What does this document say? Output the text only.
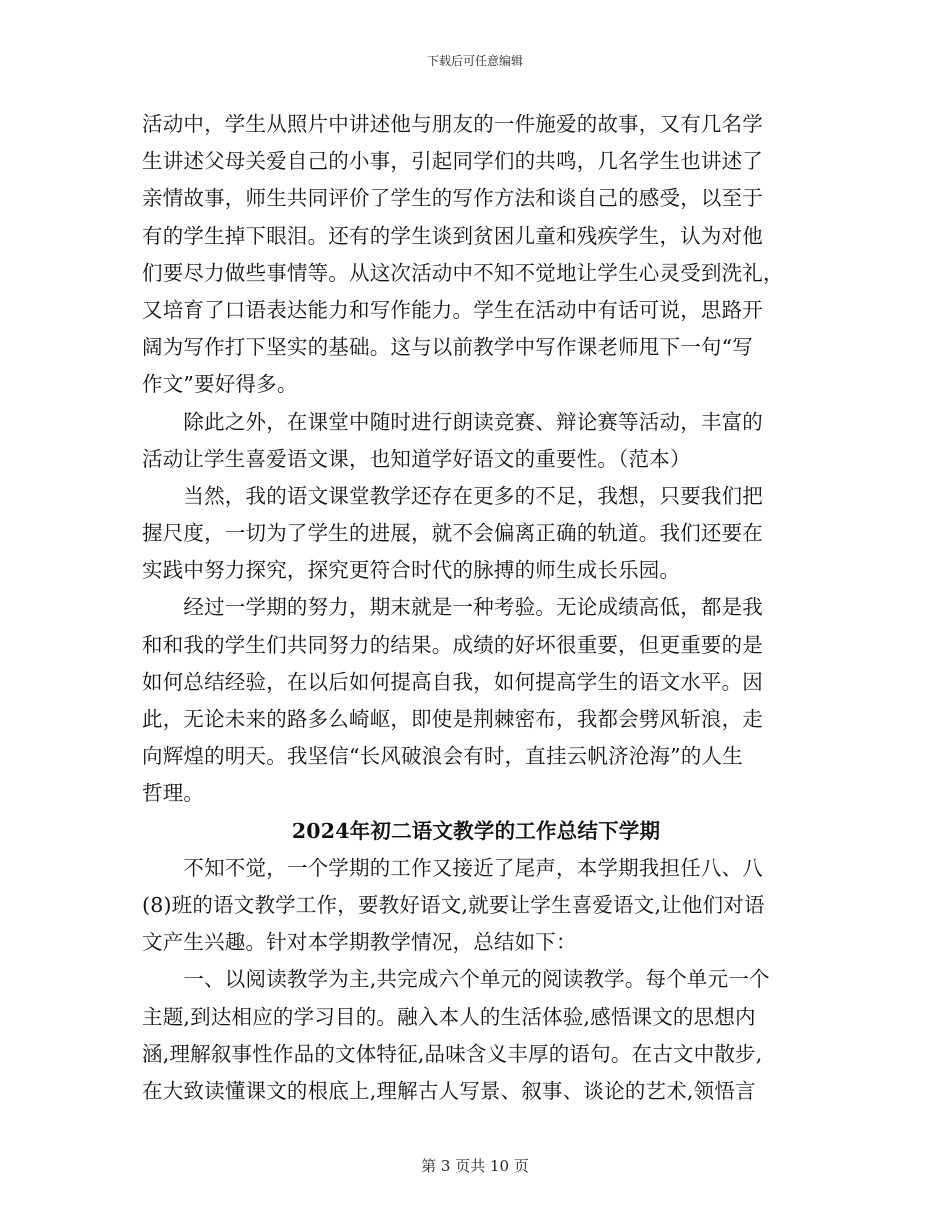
下载后可任意编辑
活动中，学生从照片中讲述他与朋友的一件施爱的故事，又有几名学
生讲述父母关爱自己的小事，引起同学们的共鸣，几名学生也讲述了
亲情故事，师生共同评价了学生的写作方法和谈自己的感受，以至于
有的学生掉下眼泪。还有的学生谈到贫困儿童和残疾学生，认为对他
们要尽力做些事情等。从这次活动中不知不觉地让学生心灵受到洗礼，
又培育了口语表达能力和写作能力。学生在活动中有话可说，思路开
阔为写作打下坚实的基础。这与以前教学中写作课老师甩下一句“写
作文”要好得多。
　　除此之外，在课堂中随时进行朗读竞赛、辩论赛等活动，丰富的
活动让学生喜爱语文课，也知道学好语文的重要性。（范本）
　　当然，我的语文课堂教学还存在更多的不足，我想，只要我们把
握尺度，一切为了学生的进展，就不会偏离正确的轨道。我们还要在
实践中努力探究，探究更符合时代的脉搏的师生成长乐园。
　　经过一学期的努力，期末就是一种考验。无论成绩高低，都是我
和和我的学生们共同努力的结果。成绩的好坏很重要，但更重要的是
如何总结经验，在以后如何提高自我，如何提高学生的语文水平。因
此，无论未来的路多么崎岖，即使是荆棘密布，我都会劈风斩浪，走
向辉煌的明天。我坚信“长风破浪会有时，直挂云帆济沧海”的人生
哲理。
2024年初二语文教学的工作总结下学期
　　不知不觉，一个学期的工作又接近了尾声，本学期我担任八、八
(8)班的语文教学工作，要教好语文,就要让学生喜爱语文,让他们对语
文产生兴趣。针对本学期教学情况，总结如下：
　　一、以阅读教学为主,共完成六个单元的阅读教学。每个单元一个
主题,到达相应的学习目的。融入本人的生活体验,感悟课文的思想内
涵,理解叙事性作品的文体特征,品味含义丰厚的语句。在古文中散步,
在大致读懂课文的根底上,理解古人写景、叙事、谈论的艺术,领悟言
第 3 页共 10 页
